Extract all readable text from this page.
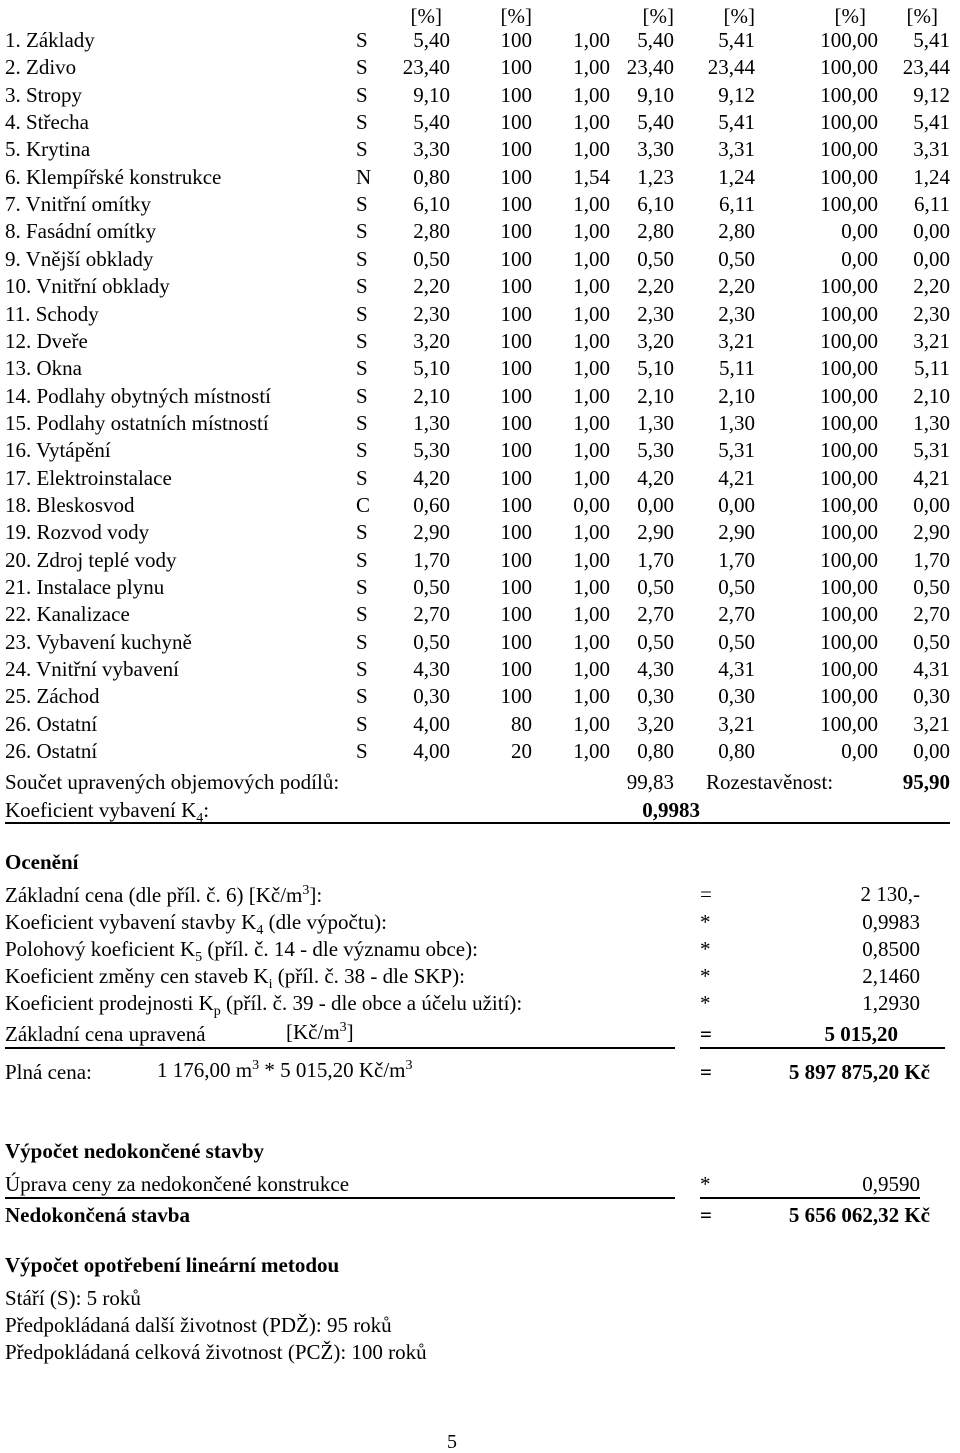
[%]	[%]	[%] [%]	[%] [%]
1. Základy	S	5,40 100 1,00 5,40 5,41	100,00 5,41
2. Zdivo	S	23,40 100 1,00 23,40 23,44	100,00 23,44
3. Stropy	S	9,10 100 1,00 9,10 9,12	100,00 9,12
4. Střecha	S	5,40 100 1,00 5,40 5,41	100,00 5,41
5. Krytina	S	3,30 100 1,00 3,30 3,31	100,00 3,31
6. Klempířské konstrukce	N 0,80 100 1,54 1,23 1,24	100,00 1,24
7. Vnitřní omítky	S	6,10 100 1,00 6,10 6,11	100,00 6,11
8. Fasádní omítky	S	2,80 100 1,00 2,80 2,80	0,00 0,00
9. Vnější obklady	S	0,50 100 1,00 0,50 0,50	0,00 0,00
10. Vnitřní obklady	S	2,20 100 1,00 2,20 2,20	100,00 2,20
11. Schody	S	2,30 100 1,00 2,30 2,30	100,00 2,30
12. Dveře	S	3,20 100 1,00 3,20 3,21	100,00 3,21
13. Okna	S	5,10 100 1,00 5,10 5,11	100,00 5,11
14. Podlahy obytných místností	S	2,10 100 1,00 2,10 2,10	100,00 2,10
15. Podlahy ostatních místností	S	1,30 100 1,00 1,30 1,30	100,00 1,30
16. Vytápění	S	5,30 100 1,00 5,30 5,31	100,00 5,31
17. Elektroinstalace	S	4,20 100 1,00 4,20 4,21	100,00 4,21
18. Bleskosvod	C 0,60 100 0,00 0,00 0,00	100,00 0,00
19. Rozvod vody	S	2,90 100 1,00 2,90 2,90	100,00 2,90
20. Zdroj teplé vody	S	1,70 100 1,00 1,70 1,70	100,00 1,70
21. Instalace plynu	S	0,50 100 1,00 0,50 0,50	100,00 0,50
22. Kanalizace	S	2,70 100 1,00 2,70 2,70	100,00 2,70
23. Vybavení kuchyně	S	0,50 100 1,00 0,50 0,50	100,00 0,50
24. Vnitřní vybavení	S	4,30 100 1,00 4,30 4,31	100,00 4,31
25. Záchod	S	0,30 100 1,00 0,30 0,30	100,00 0,30
26. Ostatní	S	4,00	80 1,00 3,20 3,21	100,00 3,21
26. Ostatní	S	4,00	20 1,00 0,80 0,80	0,00 0,00
Součet upravených objemových podílů:	99,83 Rozestavěnost:	95,90
Koeficient vybavení $K_4$:	0,9983
Ocenění
Základní cena (dle příl. č. 6) $[Kč/m^3]$:	=	2 130,-
Koeficient vybavení stavby $K_4$ (dle výpočtu):	*	0,9983
Polohový koeficient $K_5$ (příl. č. 14 - dle významu obce):	*	0,8500
Koeficient změny cen staveb $K_i$ (příl. č. 38 - dle SKP):	*	2,1460
Koeficient prodejnosti $K_p$ (příl. č. 39 - dle obce a účelu užití):	*	1,2930
Základní cena upravená	$[Kč/m^3]$	=	5 015,20
Plná cena:	1 176,00 $m^3 * 5$ 015,20 $Kč/m^3$	=	5 897 875,20 Kč
Výpočet nedokončené stavby
Úprava ceny za nedokončené konstrukce	*	0,9590
Nedokončená stavba	=	5 656 062,32 Kč
Výpočet opotřebení lineární metodou
Stáří (S): 5 roků
Předpokládaná další životnost (PDŽ): 95 roků
Předpokládaná celková životnost (PCŽ): 100 roků
5
